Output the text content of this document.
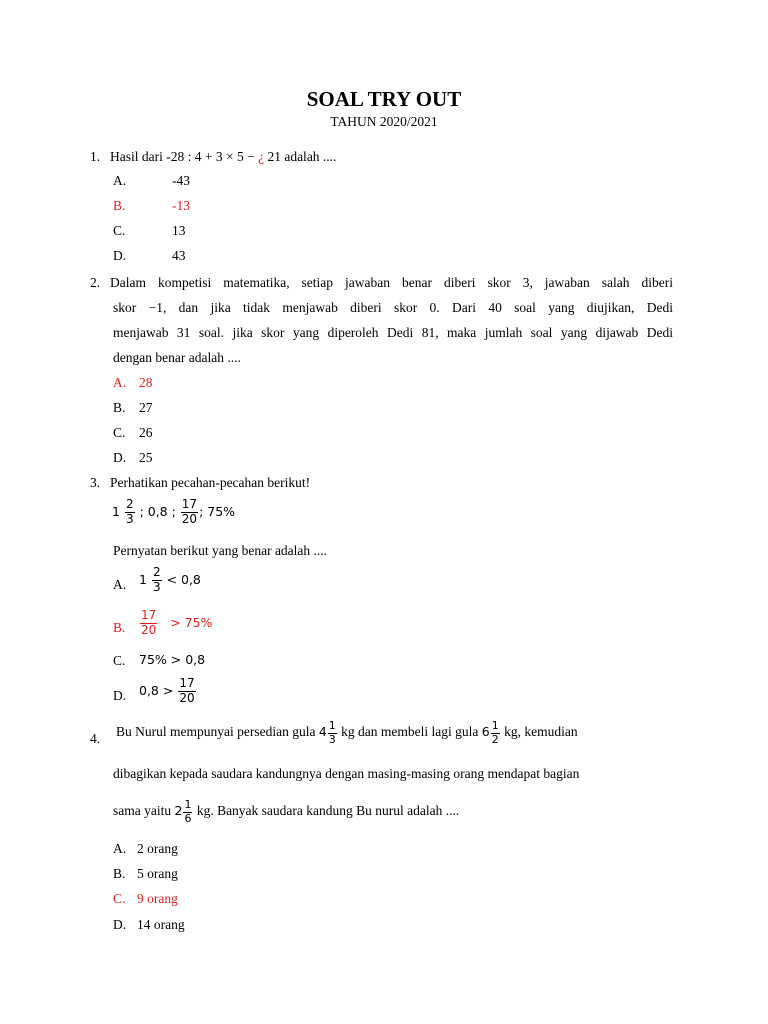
SOAL TRY OUT
TAHUN 2020/2021
1. Hasil dari -28 : 4 + 3 × 5 − ¿ 21 adalah ....
A.	-43
B.	-13
C.	13
D.	43
2. Dalam kompetisi matematika, setiap jawaban benar diberi skor 3, jawaban salah diberi
skor −1, dan jika tidak menjawab diberi skor 0. Dari 40 soal yang diujikan, Dedi
menjawab 31 soal. jika skor yang diperoleh Dedi 81, maka jumlah soal yang dijawab Dedi
dengan benar adalah ....
A. 28
B. 27
C. 26
D. 25
3. Perhatikan pecahan-pecahan berikut!
$1 \frac{2}{3}$ ; 0,8 ; $\frac{17}{20}$ ; 75%
Pernyatan berikut yang benar adalah ....
A. $1 \frac{2}{3} < 0,8$
B. $\frac{17}{20} > 75\%$
C. 75% > 0,8
D. $0,8 > \frac{17}{20}$
4. Bu Nurul mempunyai persedian gula $4 \frac{1}{3}$ kg dan membeli lagi gula $6 \frac{1}{2}$ kg, kemudian
dibagikan kepada saudara kandungnya dengan masing-masing orang mendapat bagian
sama yaitu $2 \frac{1}{6}$ kg. Banyak saudara kandung Bu nurul adalah ....
A. 2 orang
B. 5 orang
C. 9 orang
D. 14 orang
